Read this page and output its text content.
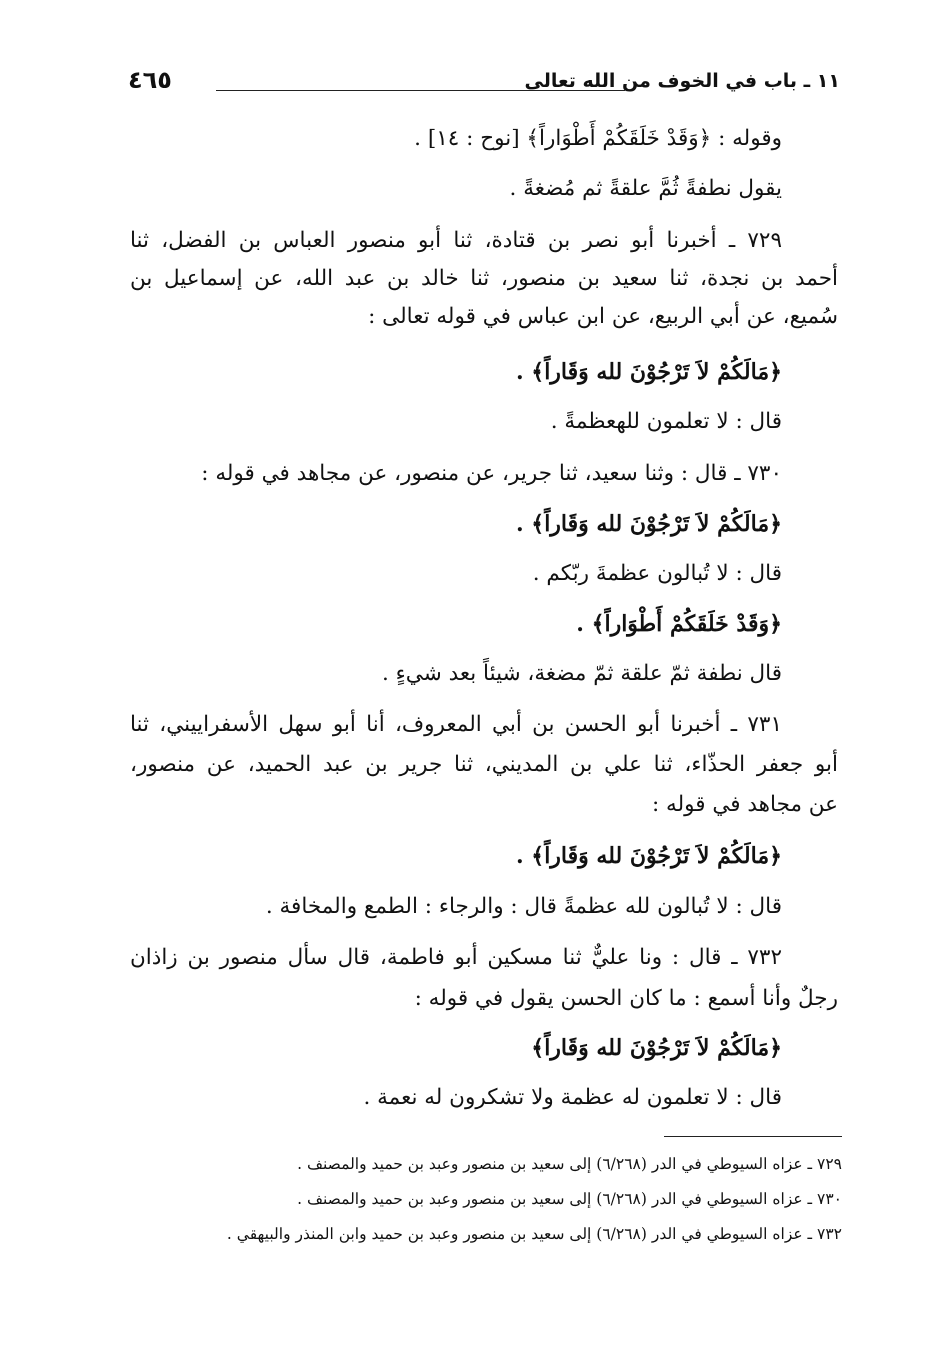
١١ ـ باب في الخوف من الله تعالى
٤٦٥
وقوله : ﴿وَقَدْ خَلَقَكُمْ أَطْوَاراً﴾ [نوح : ١٤] .
يقول نطفةً ثُمَّ علقةً ثم مُضغةً .
٧٢٩ ـ أخبرنا أبو نصر بن قتادة، ثنا أبو منصور العباس بن الفضل، ثنا
أحمد بن نجدة، ثنا سعيد بن منصور، ثنا خالد بن عبد الله، عن إسماعيل بن
سُميع، عن أبي الربيع، عن ابن عباس في قوله تعالى :
﴿مَالَكُمْ لاَ تَرْجُوْنَ لله وَقَاراً﴾ .
قال : لا تعلمون للهعظمةً .
٧٣٠ ـ قال : وثنا سعيد، ثنا جرير، عن منصور، عن مجاهد في قوله :
﴿مَالَكُمْ لاَ تَرْجُوْنَ لله وَقَاراً﴾ .
قال : لا تُبالون عظمةَ ربّكم .
﴿وَقَدْ خَلَقَكُمْ أَطْوَاراً﴾ .
قال نطفة ثمّ علقة ثمّ مضغة، شيئاً بعد شيءٍ .
٧٣١ ـ أخبرنا أبو الحسن بن أبي المعروف، أنا أبو سهل الأسفراييني، ثنا
أبو جعفر الحذّاء، ثنا علي بن المديني، ثنا جرير بن عبد الحميد، عن منصور،
عن مجاهد في قوله :
﴿مَالَكُمْ لاَ تَرْجُوْنَ لله وَقَاراً﴾ .
قال : لا تُبالون لله عظمةً قال : والرجاء : الطمع والمخافة .
٧٣٢ ـ قال : ونا عليٌّ ثنا مسكين أبو فاطمة، قال سأل منصور بن زاذان
رجلٌ وأنا أسمع : ما كان الحسن يقول في قوله :
﴿مَالَكُمْ لاَ تَرْجُوْنَ لله وَقَاراً﴾
قال : لا تعلمون له عظمة ولا تشكرون له نعمة .
٧٢٩ ـ عزاه السيوطي في الدر (٦/٢٦٨) إلى سعيد بن منصور وعبد بن حميد والمصنف .
٧٣٠ ـ عزاه السيوطي في الدر (٦/٢٦٨) إلى سعيد بن منصور وعبد بن حميد والمصنف .
٧٣٢ ـ عزاه السيوطي في الدر (٦/٢٦٨) إلى سعيد بن منصور وعبد بن حميد وابن المنذر والبيهقي .
